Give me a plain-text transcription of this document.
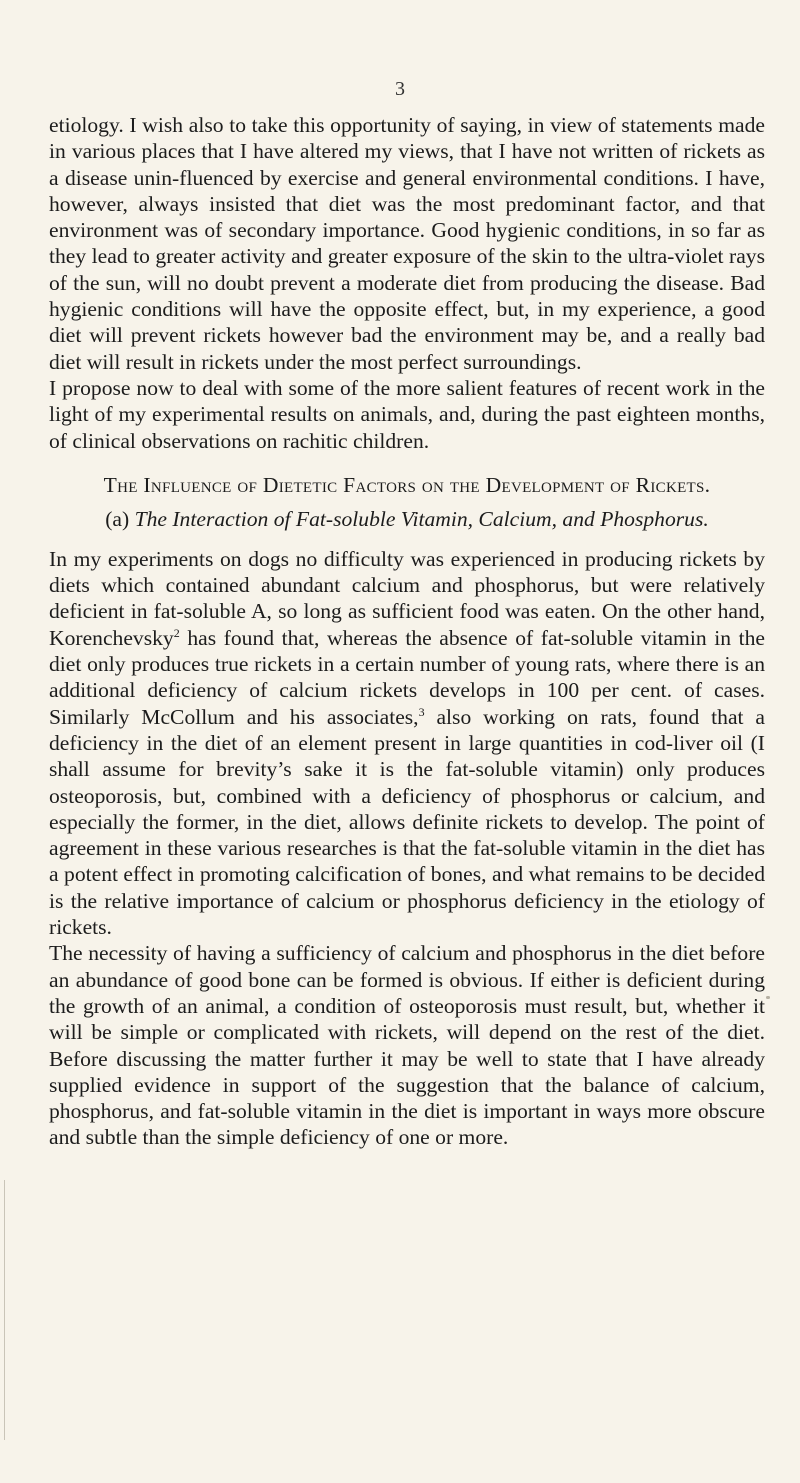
3

etiology. I wish also to take this opportunity of saying, in view of statements made in various places that I have altered my views, that I have not written of rickets as a disease unin-fluenced by exercise and general environmental conditions. I have, however, always insisted that diet was the most predominant factor, and that environment was of secondary importance. Good hygienic conditions, in so far as they lead to greater activity and greater exposure of the skin to the ultra-violet rays of the sun, will no doubt prevent a moderate diet from producing the disease. Bad hygienic conditions will have the opposite effect, but, in my experience, a good diet will prevent rickets however bad the environment may be, and a really bad diet will result in rickets under the most perfect surroundings.

I propose now to deal with some of the more salient features of recent work in the light of my experimental results on animals, and, during the past eighteen months, of clinical observations on rachitic children.

The Influence of Dietetic Factors on the Development of Rickets.
(a) The Interaction of Fat-soluble Vitamin, Calcium, and Phosphorus.

In my experiments on dogs no difficulty was experienced in producing rickets by diets which contained abundant calcium and phosphorus, but were relatively deficient in fat-soluble A, so long as sufficient food was eaten. On the other hand, Korenchevsky$^2$ has found that, whereas the absence of fat-soluble vitamin in the diet only produces true rickets in a certain number of young rats, where there is an additional deficiency of calcium rickets develops in 100 per cent. of cases. Similarly McCollum and his associates,$^3$ also working on rats, found that a deficiency in the diet of an element present in large quantities in cod-liver oil (I shall assume for brevity’s sake it is the fat-soluble vitamin) only produces osteoporosis, but, combined with a deficiency of phosphorus or calcium, and especially the former, in the diet, allows definite rickets to develop. The point of agreement in these various researches is that the fat-soluble vitamin in the diet has a potent effect in promoting calcification of bones, and what remains to be decided is the relative importance of calcium or phosphorus deficiency in the etiology of rickets.

The necessity of having a sufficiency of calcium and phosphorus in the diet before an abundance of good bone can be formed is obvious. If either is deficient during the growth of an animal, a condition of osteoporosis must result, but, whether it will be simple or complicated with rickets, will depend on the rest of the diet. Before discussing the matter further it may be well to state that I have already supplied evidence in support of the suggestion that the balance of calcium, phosphorus, and fat-soluble vitamin in the diet is important in ways more obscure and subtle than the simple deficiency of one or more.
